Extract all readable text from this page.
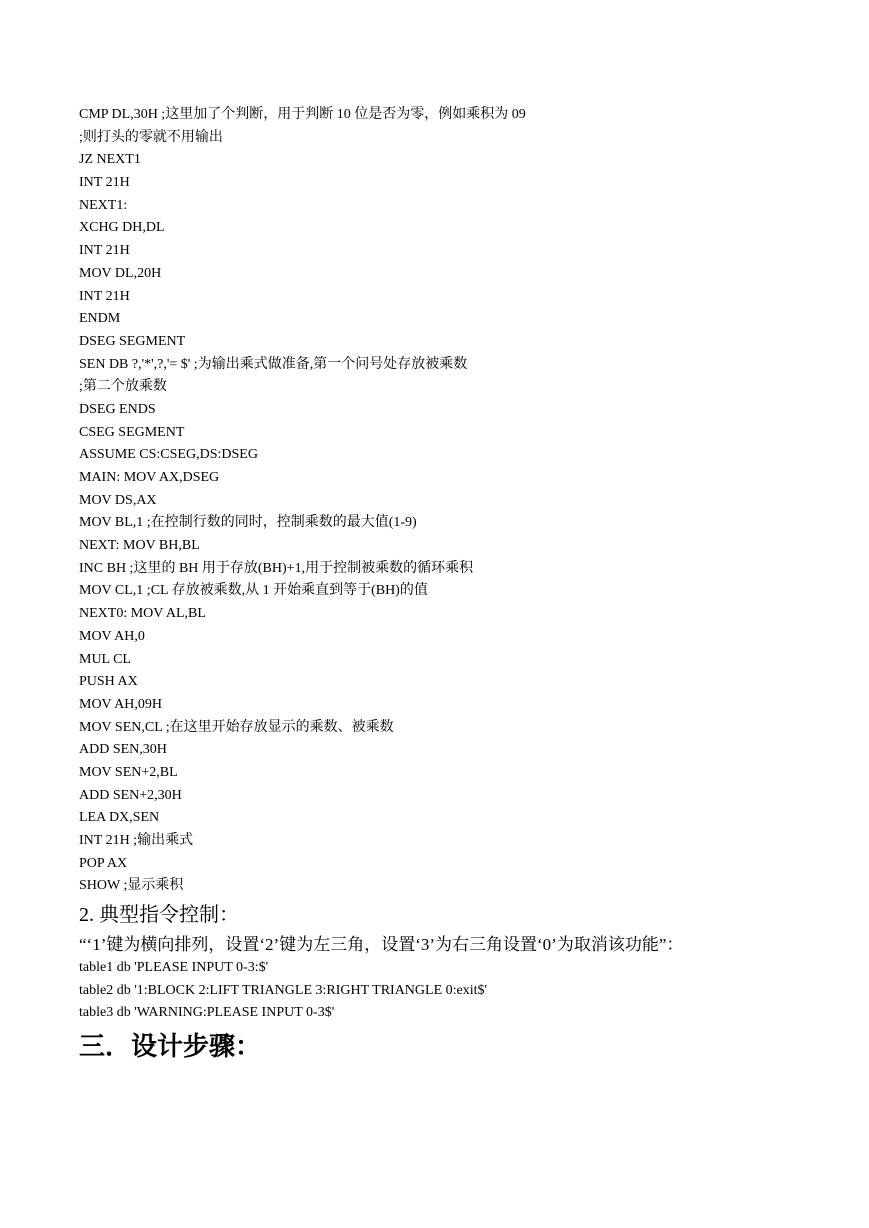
CMP DL,30H ;这里加了个判断，用于判断 10 位是否为零，例如乘积为 09
;则打头的零就不用输出
JZ NEXT1
INT 21H
NEXT1:
XCHG DH,DL
INT 21H
MOV DL,20H
INT 21H
ENDM
DSEG SEGMENT
SEN DB ?,'*',?,'= $' ;为输出乘式做准备,第一个问号处存放被乘数
;第二个放乘数
DSEG ENDS
CSEG SEGMENT
ASSUME CS:CSEG,DS:DSEG
MAIN: MOV AX,DSEG
MOV DS,AX
MOV BL,1 ;在控制行数的同时，控制乘数的最大值(1-9)
NEXT: MOV BH,BL
INC BH ;这里的 BH 用于存放(BH)+1,用于控制被乘数的循环乘积
MOV CL,1 ;CL 存放被乘数,从 1 开始乘直到等于(BH)的值
NEXT0: MOV AL,BL
MOV AH,0
MUL CL
PUSH AX
MOV AH,09H
MOV SEN,CL ;在这里开始存放显示的乘数、被乘数
ADD SEN,30H
MOV SEN+2,BL
ADD SEN+2,30H
LEA DX,SEN
INT 21H ;输出乘式
POP AX
SHOW ;显示乘积
2. 典型指令控制：
“‘1’键为横向排列，设置‘2’键为左三角，设置‘3’为右三角设置‘0’为取消该功能”：
table1 db 'PLEASE INPUT 0-3:$'
table2 db '1:BLOCK 2:LIFT TRIANGLE 3:RIGHT TRIANGLE 0:exit$'
table3 db 'WARNING:PLEASE INPUT 0-3$'
三．设计步骤：
